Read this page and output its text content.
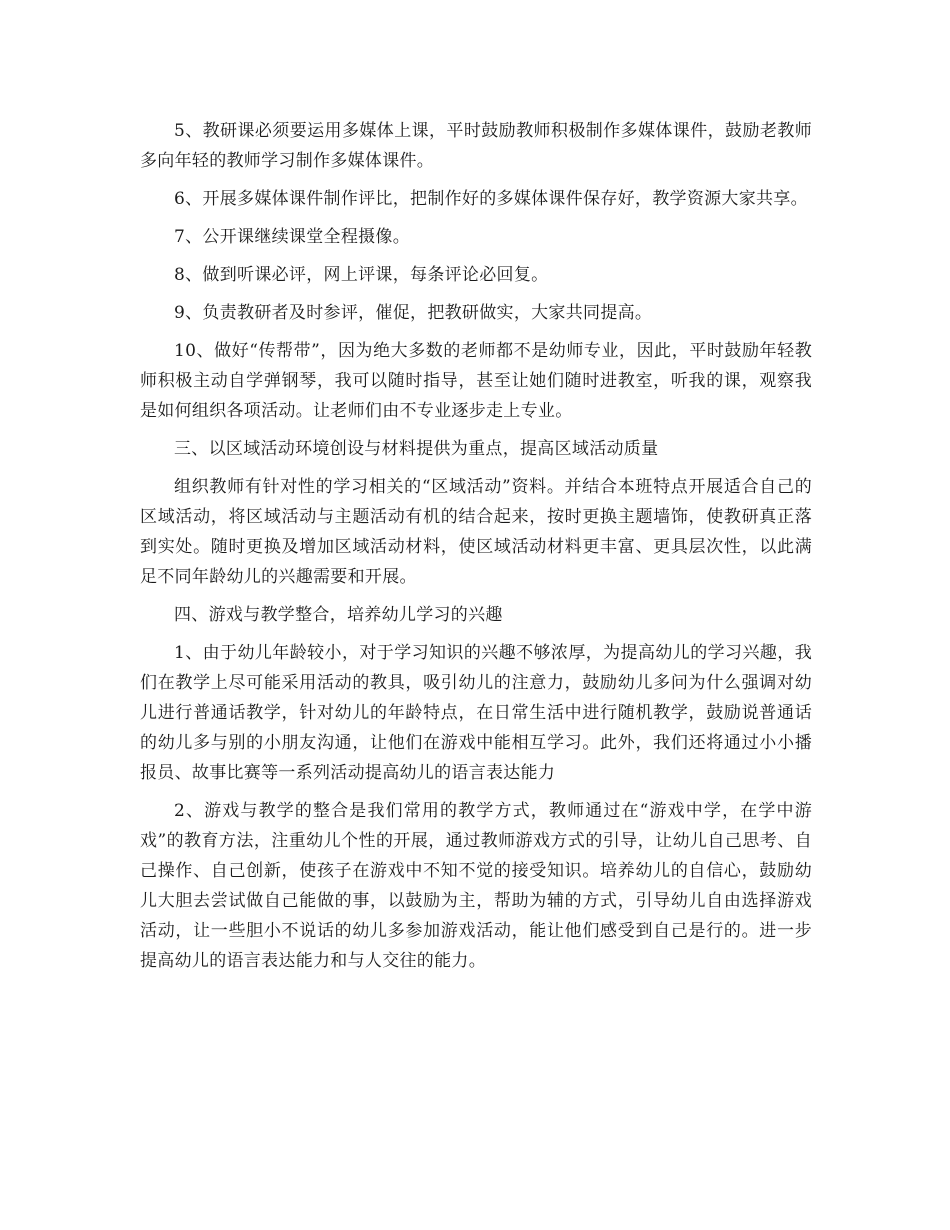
5、教研课必须要运用多媒体上课，平时鼓励教师积极制作多媒体课件，鼓励老教师多向年轻的教师学习制作多媒体课件。

6、开展多媒体课件制作评比，把制作好的多媒体课件保存好，教学资源大家共享。

7、公开课继续课堂全程摄像。

8、做到听课必评，网上评课，每条评论必回复。

9、负责教研者及时参评，催促，把教研做实，大家共同提高。

10、做好“传帮带”，因为绝大多数的老师都不是幼师专业，因此，平时鼓励年轻教师积极主动自学弹钢琴，我可以随时指导，甚至让她们随时进教室，听我的课，观察我是如何组织各项活动。让老师们由不专业逐步走上专业。

三、以区域活动环境创设与材料提供为重点，提高区域活动质量

组织教师有针对性的学习相关的“区域活动”资料。并结合本班特点开展适合自己的区域活动，将区域活动与主题活动有机的结合起来，按时更换主题墙饰，使教研真正落到实处。随时更换及增加区域活动材料，使区域活动材料更丰富、更具层次性，以此满足不同年龄幼儿的兴趣需要和开展。

四、游戏与教学整合，培养幼儿学习的兴趣

1、由于幼儿年龄较小，对于学习知识的兴趣不够浓厚，为提高幼儿的学习兴趣，我们在教学上尽可能采用活动的教具，吸引幼儿的注意力，鼓励幼儿多问为什么强调对幼儿进行普通话教学，针对幼儿的年龄特点，在日常生活中进行随机教学，鼓励说普通话的幼儿多与别的小朋友沟通，让他们在游戏中能相互学习。此外，我们还将通过小小播报员、故事比赛等一系列活动提高幼儿的语言表达能力

2、游戏与教学的整合是我们常用的教学方式，教师通过在“游戏中学，在学中游戏”的教育方法，注重幼儿个性的开展，通过教师游戏方式的引导，让幼儿自己思考、自己操作、自己创新，使孩子在游戏中不知不觉的接受知识。培养幼儿的自信心，鼓励幼儿大胆去尝试做自己能做的事，以鼓励为主，帮助为辅的方式，引导幼儿自由选择游戏活动，让一些胆小不说话的幼儿多参加游戏活动，能让他们感受到自己是行的。进一步提高幼儿的语言表达能力和与人交往的能力。
